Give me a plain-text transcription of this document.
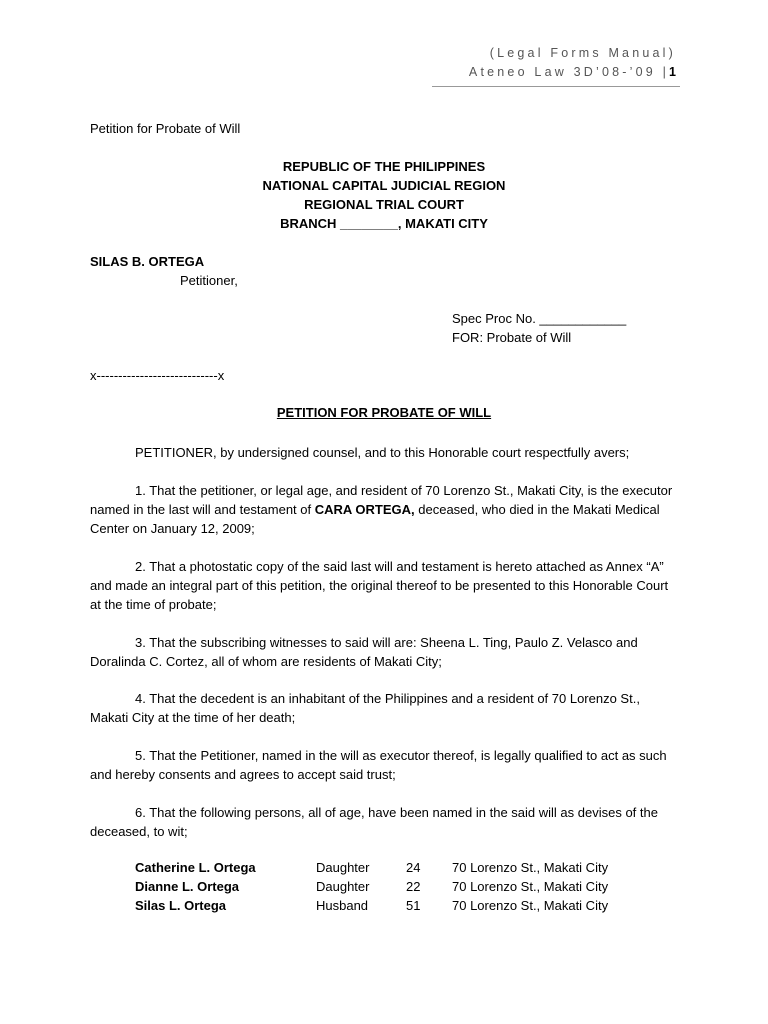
(Legal Forms Manual)
Ateneo Law 3D’08-’09 |1
Petition for Probate of Will
REPUBLIC OF THE PHILIPPINES
NATIONAL CAPITAL JUDICIAL REGION
REGIONAL TRIAL COURT
BRANCH ________, MAKATI CITY
SILAS B. ORTEGA
Petitioner,
Spec Proc No. ____________
FOR: Probate of Will
x----------------------------x
PETITION FOR PROBATE OF WILL
PETITIONER, by undersigned counsel, and to this Honorable court respectfully avers;
1. That the petitioner, or legal age, and resident of 70 Lorenzo St., Makati City, is the executor named in the last will and testament of CARA ORTEGA, deceased, who died in the Makati Medical Center on January 12, 2009;
2. That a photostatic copy of the said last will and testament is hereto attached as Annex “A” and made an integral part of this petition, the original thereof to be presented to this Honorable Court at the time of probate;
3. That the subscribing witnesses to said will are: Sheena L. Ting, Paulo Z. Velasco and Doralinda C. Cortez, all of whom are residents of Makati City;
4. That the decedent is an inhabitant of the Philippines and a resident of 70 Lorenzo St., Makati City at the time of her death;
5. That the Petitioner, named in the will as executor thereof, is legally qualified to act as such and hereby consents and agrees to accept said trust;
6. That the following persons, all of age, have been named in the said will as devises of the deceased, to wit;
Catherine L. Ortega	Daughter	24 70 Lorenzo St., Makati City
Dianne L. Ortega	Daughter	22 70 Lorenzo St., Makati City
Silas L. Ortega	Husband	51 70 Lorenzo St., Makati City
